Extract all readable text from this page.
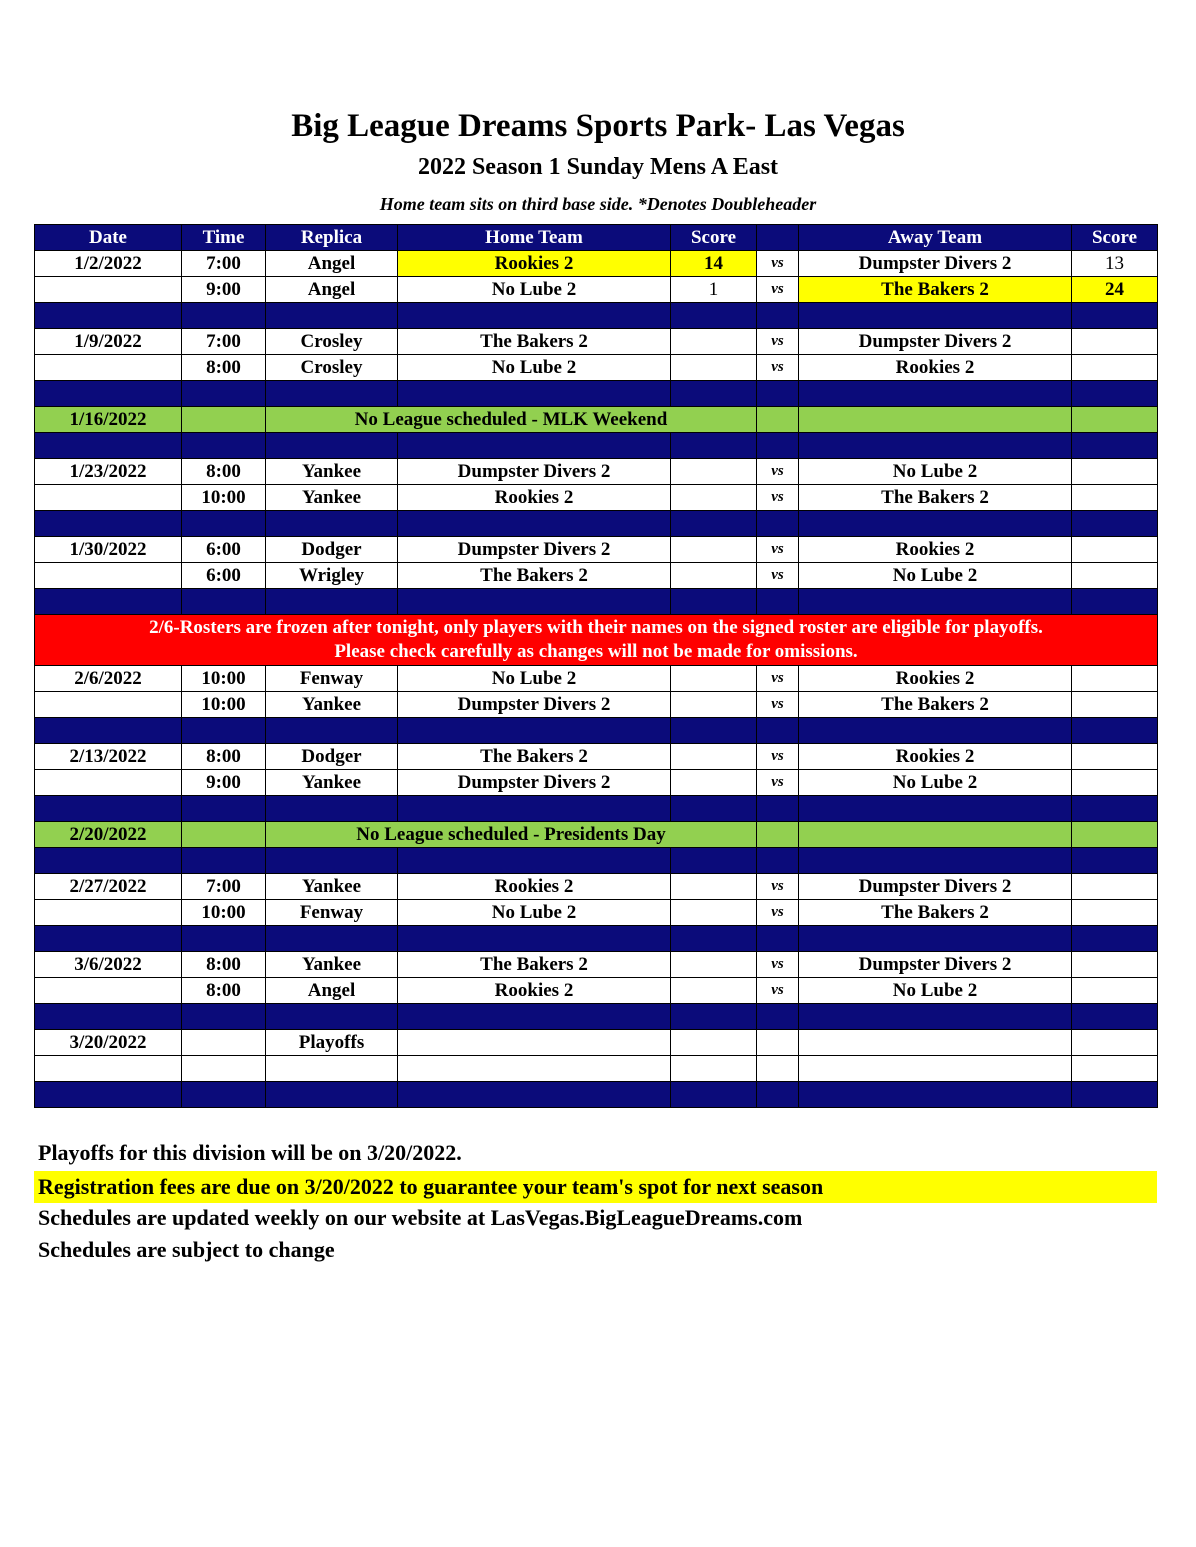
Big League Dreams Sports Park- Las Vegas
2022 Season 1 Sunday Mens A East
Home team sits on third base side. *Denotes Doubleheader
Date	Time	Replica	Home Team	Score		Away Team	Score
1/2/2022	7:00	Angel	Rookies 2	14	vs	Dumpster Divers 2	13
	9:00	Angel	No Lube 2	1	vs	The Bakers 2	24

1/9/2022	7:00	Crosley	The Bakers 2		vs	Dumpster Divers 2	
	8:00	Crosley	No Lube 2		vs	Rookies 2	

1/16/2022		No League scheduled - MLK Weekend					

1/23/2022	8:00	Yankee	Dumpster Divers 2		vs	No Lube 2	
	10:00	Yankee	Rookies 2		vs	The Bakers 2	

1/30/2022	6:00	Dodger	Dumpster Divers 2		vs	Rookies 2	
	6:00	Wrigley	The Bakers 2		vs	No Lube 2	

2/6-Rosters are frozen after tonight, only players with their names on the signed roster are eligible for playoffs.
Please check carefully as changes will not be made for omissions.							

2/6/2022	10:00	Fenway	No Lube 2		vs	Rookies 2	
	10:00	Yankee	Dumpster Divers 2		vs	The Bakers 2	

2/13/2022	8:00	Dodger	The Bakers 2		vs	Rookies 2	
	9:00	Yankee	Dumpster Divers 2		vs	No Lube 2	

2/20/2022		No League scheduled - Presidents Day					

2/27/2022	7:00	Yankee	Rookies 2		vs	Dumpster Divers 2	
	10:00	Fenway	No Lube 2		vs	The Bakers 2	

3/6/2022	8:00	Yankee	The Bakers 2		vs	Dumpster Divers 2	
	8:00	Angel	Rookies 2		vs	No Lube 2	

3/20/2022		Playoffs					

Playoffs for this division will be on 3/20/2022.
Registration fees are due on 3/20/2022 to guarantee your team's spot for next season
Schedules are updated weekly on our website at LasVegas.BigLeagueDreams.com
Schedules are subject to change
